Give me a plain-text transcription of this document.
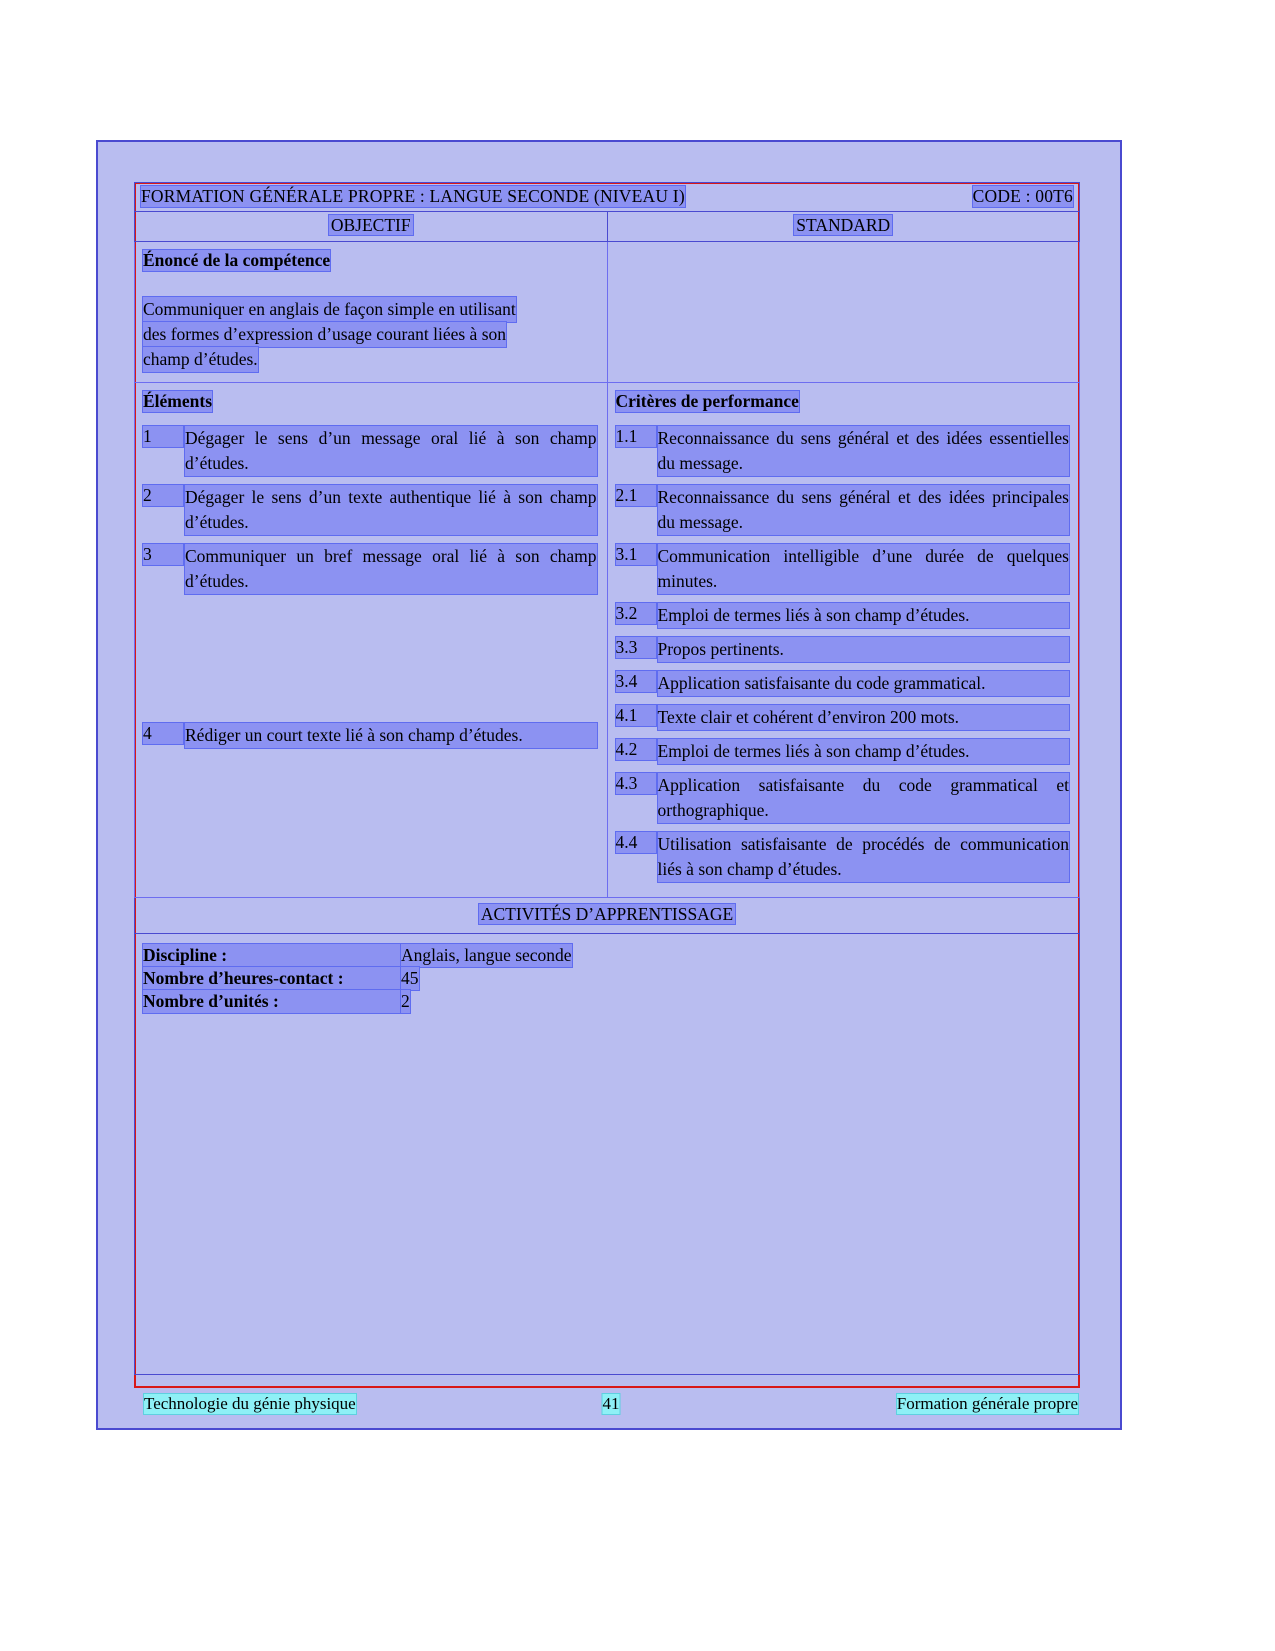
FORMATION GÉNÉRALE PROPRE : LANGUE SECONDE (NIVEAU I) CODE : 00T6	

OBJECTIF	STANDARD

Énoncé de la compétence
Communiquer en anglais de façon simple en utilisant
des formes d’expression d’usage courant liées à son
champ d’études.	

Éléments
1	Dégager le sens d’un message oral lié à son champ d’études.
2	Dégager le sens d’un texte authentique lié à son champ d’études.
3	Communiquer un bref message oral lié à son champ d’études.
4	Rédiger un court texte lié à son champ d’études.

Critères de performance
1.1	Reconnaissance du sens général et des idées essentielles du message.
2.1	Reconnaissance du sens général et des idées principales du message.
3.1	Communication intelligible d’une durée de quelques minutes.
3.2	Emploi de termes liés à son champ d’études.
3.3	Propos pertinents.
3.4	Application satisfaisante du code grammatical.
4.1	Texte clair et cohérent d’environ 200 mots.
4.2	Emploi de termes liés à son champ d’études.
4.3	Application satisfaisante du code grammatical et orthographique.
4.4	Utilisation satisfaisante de procédés de communication liés à son champ d’études.

ACTIVITÉS D’APPRENTISSAGE	

Discipline :	Anglais, langue seconde
Nombre d’heures-contact :	45
Nombre d’unités :	2
Technologie du génie physique	41	Formation générale propre
